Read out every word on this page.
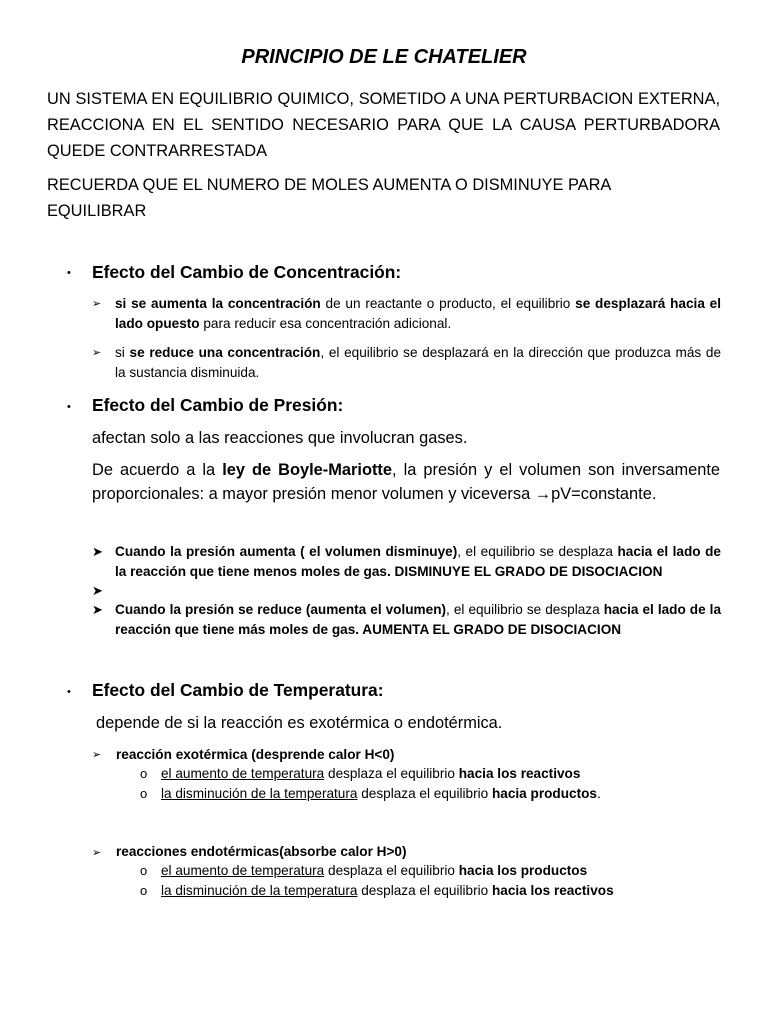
PRINCIPIO DE LE CHATELIER

UN SISTEMA EN EQUILIBRIO QUIMICO, SOMETIDO A UNA PERTURBACION EXTERNA, REACCIONA EN EL SENTIDO NECESARIO PARA QUE LA CAUSA PERTURBADORA QUEDE CONTRARRESTADA

RECUERDA QUE EL NUMERO DE MOLES AUMENTA O DISMINUYE PARA EQUILIBRAR

• Efecto del Cambio de Concentración:
➢ si se aumenta la concentración de un reactante o producto, el equilibrio se desplazará hacia el lado opuesto para reducir esa concentración adicional.

➢ si se reduce una concentración, el equilibrio se desplazará en la dirección que produzca más de la sustancia disminuida.

• Efecto del Cambio de Presión:

afectan solo a las reacciones que involucran gases.

De acuerdo a la ley de Boyle-Mariotte, la presión y el volumen son inversamente proporcionales: a mayor presión menor volumen y viceversa →pV=constante.

➤ Cuando la presión aumenta ( el volumen disminuye), el equilibrio se desplaza hacia el lado de la reacción que tiene menos moles de gas. DISMINUYE EL GRADO DE DISOCIACION

➤
➤ Cuando la presión se reduce (aumenta el volumen), el equilibrio se desplaza hacia el lado de la reacción que tiene más moles de gas. AUMENTA EL GRADO DE DISOCIACION

• Efecto del Cambio de Temperatura:

depende de si la reacción es exotérmica o endotérmica.

➢ reacción exotérmica (desprende calor H<0)

o el aumento de temperatura desplaza el equilibrio hacia los reactivos

o la disminución de la temperatura desplaza el equilibrio hacia productos.

➢ reacciones endotérmicas(absorbe calor H>0)

o el aumento de temperatura desplaza el equilibrio hacia los productos

o la disminución de la temperatura desplaza el equilibrio hacia los reactivos
